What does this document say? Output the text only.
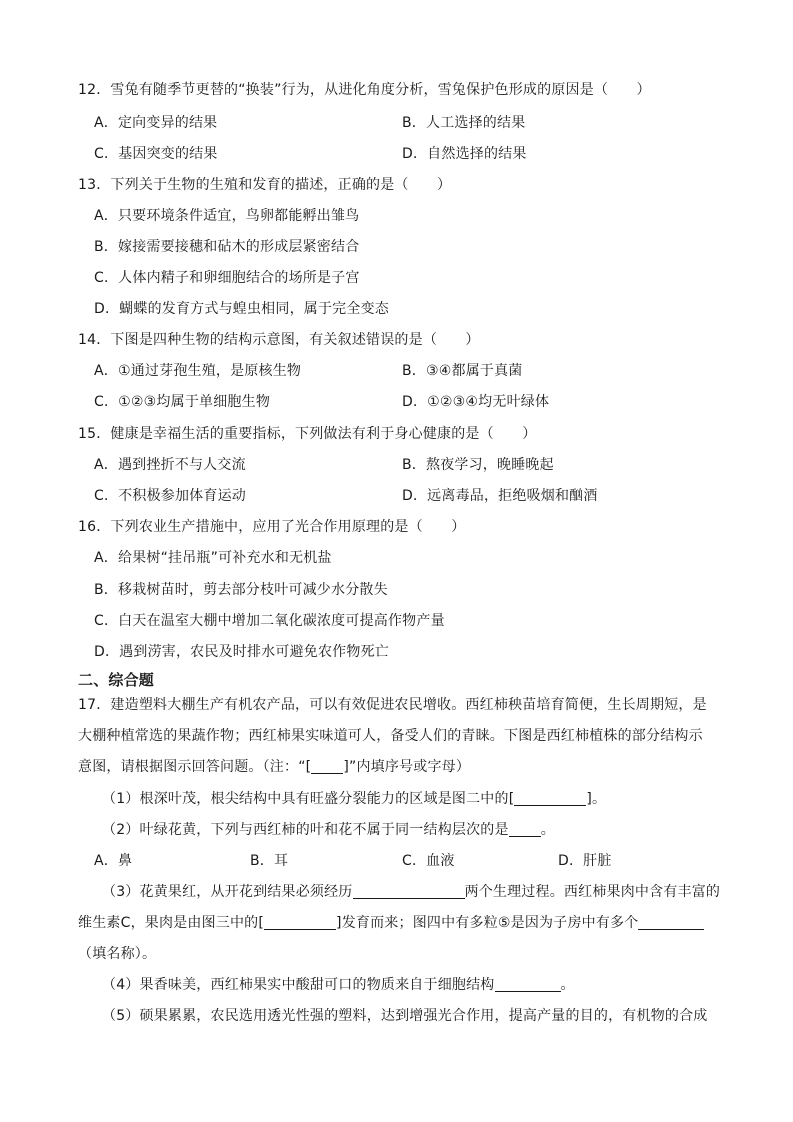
12．雪兔有随季节更替的“换装”行为，从进化角度分析，雪兔保护色形成的原因是（　　）
A．定向变异的结果	B．人工选择的结果
C．基因突变的结果	D．自然选择的结果
13．下列关于生物的生殖和发育的描述，正确的是（　　）
A．只要环境条件适宜，鸟卵都能孵出雏鸟
B．嫁接需要接穗和砧木的形成层紧密结合
C．人体内精子和卵细胞结合的场所是子宫
D．蝴蝶的发育方式与蝗虫相同，属于完全变态
14．下图是四种生物的结构示意图，有关叙述错误的是（　　）
A．①通过芽孢生殖，是原核生物	B．③④都属于真菌
C．①②③均属于单细胞生物	D．①②③④均无叶绿体
15．健康是幸福生活的重要指标，下列做法有利于身心健康的是（　　）
A．遇到挫折不与人交流	B．熬夜学习，晚睡晚起
C．不积极参加体育运动	D．远离毒品，拒绝吸烟和酗酒
16．下列农业生产措施中，应用了光合作用原理的是（　　）
A．给果树“挂吊瓶”可补充水和无机盐
B．移栽树苗时，剪去部分枝叶可减少水分散失
C．白天在温室大棚中增加二氧化碳浓度可提高作物产量
D．遇到涝害，农民及时排水可避免农作物死亡
二、综合题
17．建造塑料大棚生产有机农产品，可以有效促进农民增收。西红柿秧苗培育简便，生长周期短，是
大棚种植常选的果蔬作物；西红柿果实味道可人，备受人们的青睐。下图是西红柿植株的部分结构示
意图，请根据图示回答问题。（注：“[ ]”内填序号或字母）
（1）根深叶茂，根尖结构中具有旺盛分裂能力的区域是图二中的[	]。
（2）叶绿花黄，下列与西红柿的叶和花不属于同一结构层次的是 。
A．鼻	B．耳	C．血液	D．肝脏
（3）花黄果红，从开花到结果必须经历	两个生理过程。西红柿果肉中含有丰富的
维生素C，果肉是由图三中的[	]发育而来；图四中有多粒⑤是因为子房中有多个
（填名称）。
（4）果香味美，西红柿果实中酸甜可口的物质来自于细胞结构	。
（5）硕果累累，农民选用透光性强的塑料，达到增强光合作用，提高产量的目的，有机物的合成
